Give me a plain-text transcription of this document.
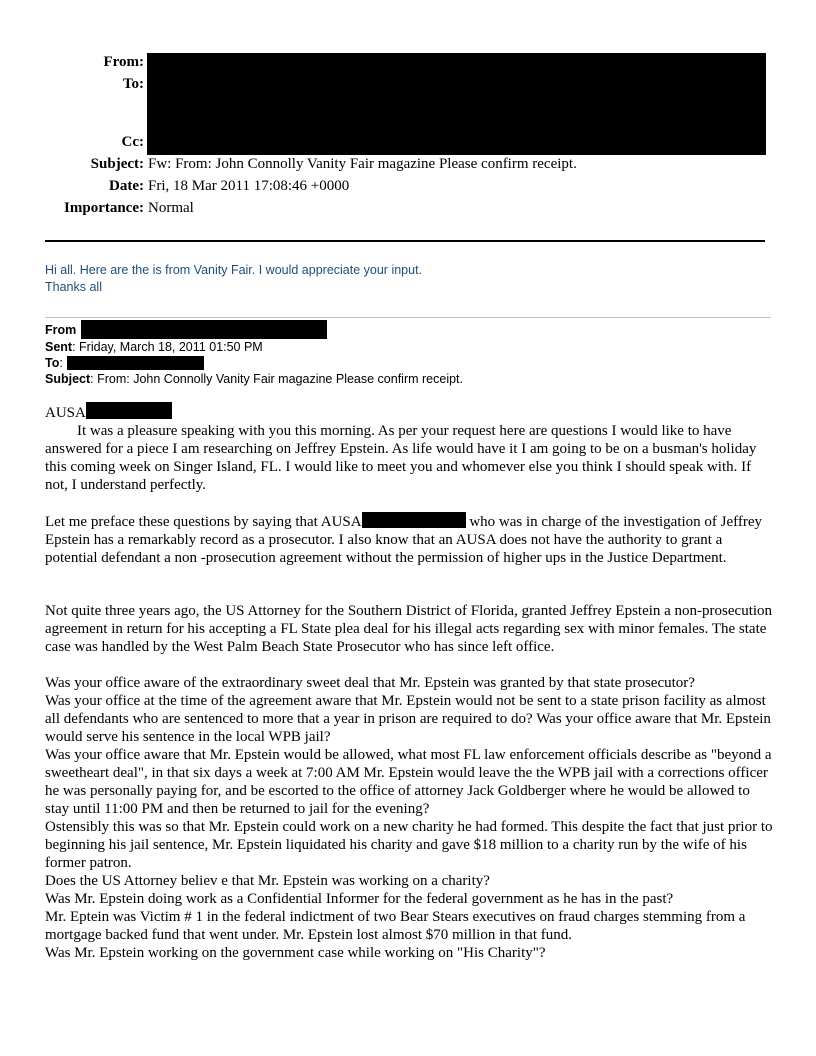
From:
To:
Cc:
Subject: Fw: From: John Connolly Vanity Fair magazine Please confirm receipt.
Date: Fri, 18 Mar 2011 17:08:46 +0000
Importance: Normal
Hi all. Here are the is from Vanity Fair. I would appreciate your input.
Thanks all
From
Sent: Friday, March 18, 2011 01:50 PM
To:
Subject: From: John Connolly Vanity Fair magazine Please confirm receipt.
AUSA
It was a pleasure speaking with you this morning. As per your request here are questions I would like to have answered for a piece I am researching on Jeffrey Epstein. As life would have it I am going to be on a busman's holiday this coming week on Singer Island, FL. I would like to meet you and whomever else you think I should speak with. If not, I understand perfectly.
Let me preface these questions by saying that AUSA	who was in charge of the investigation of Jeffrey Epstein has a remarkably record as a prosecutor. I also know that an AUSA does not have the authority to grant a potential defendant a non -prosecution agreement without the permission of higher ups in the Justice Department.
Not quite three years ago, the US Attorney for the Southern District of Florida, granted Jeffrey Epstein a non-prosecution agreement in return for his accepting a FL State plea deal for his illegal acts regarding sex with minor females. The state case was handled by the West Palm Beach State Prosecutor who has since left office.

Was your office aware of the extraordinary sweet deal that Mr. Epstein was granted by that state prosecutor?

Was your office at the time of the agreement aware that Mr. Epstein would not be sent to a state prison facility as almost all defendants who are sentenced to more that a year in prison are required to do? Was your office aware that Mr. Epstein would serve his sentence in the local WPB jail?

Was your office aware that Mr. Epstein would be allowed, what most FL law enforcement officials describe as "beyond a sweetheart deal", in that six days a week at 7:00 AM Mr. Epstein would leave the the WPB jail with a corrections officer he was personally paying for, and be escorted to the office of attorney Jack Goldberger where he would be allowed to stay until 11:00 PM and then be returned to jail for the evening?

Ostensibly this was so that Mr. Epstein could work on a new charity he had formed. This despite the fact that just prior to beginning his jail sentence, Mr. Epstein liquidated his charity and gave $18 million to a charity run by the wife of his former patron.

Does the US Attorney believ e that Mr. Epstein was working on a charity?

Was Mr. Epstein doing work as a Confidential Informer for the federal government as he has in the past?

Mr. Eptein was Victim # 1 in the federal indictment of two Bear Stears executives on fraud charges stemming from a mortgage backed fund that went under. Mr. Epstein lost almost $70 million in that fund.

Was Mr. Epstein working on the government case while working on "His Charity"?
